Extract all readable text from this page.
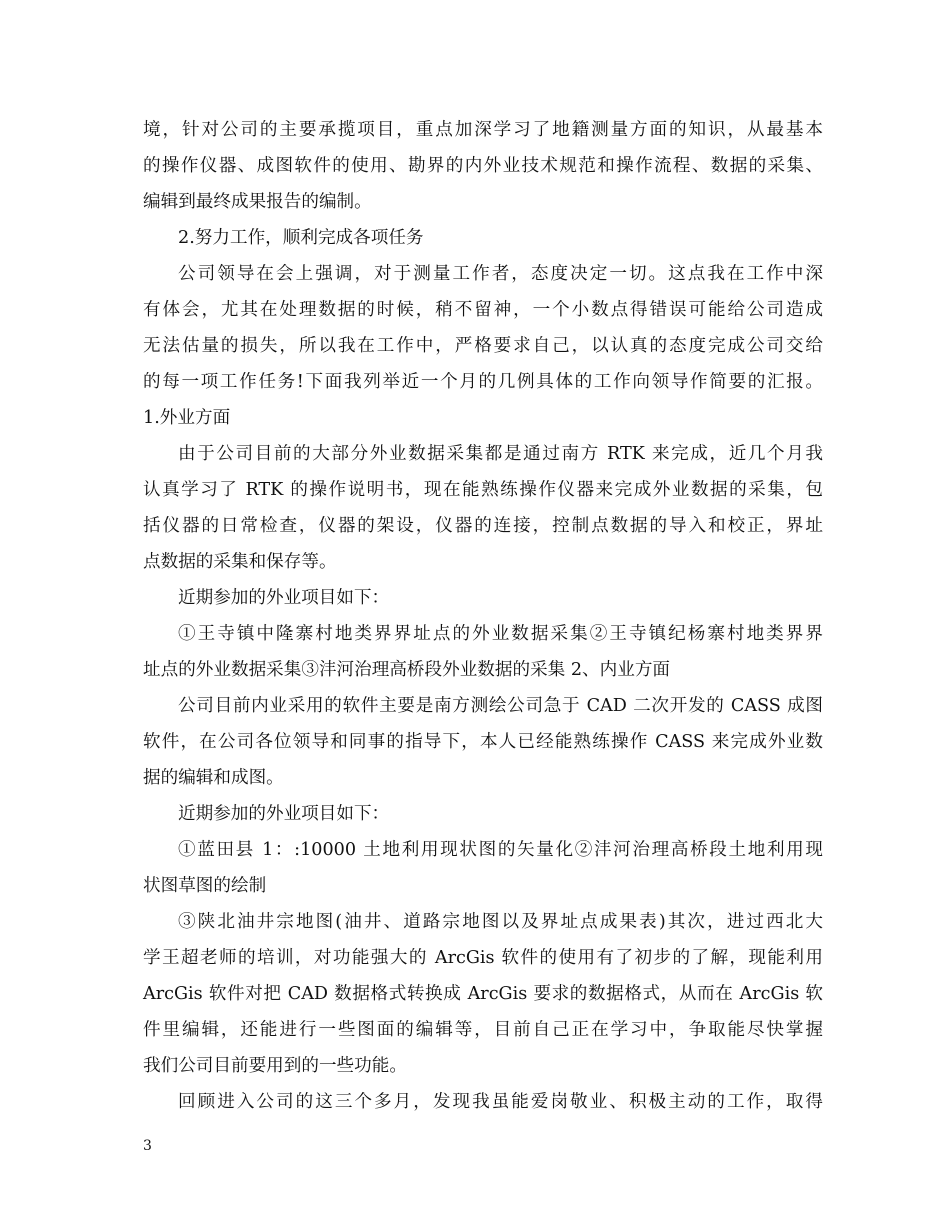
境，针对公司的主要承揽项目，重点加深学习了地籍测量方面的知识，从最基本
的操作仪器、成图软件的使用、勘界的内外业技术规范和操作流程、数据的采集、
编辑到最终成果报告的编制。
2.努力工作，顺利完成各项任务
公司领导在会上强调，对于测量工作者，态度决定一切。这点我在工作中深
有体会，尤其在处理数据的时候，稍不留神，一个小数点得错误可能给公司造成
无法估量的损失，所以我在工作中，严格要求自己，以认真的态度完成公司交给
的每一项工作任务!下面我列举近一个月的几例具体的工作向领导作简要的汇报。
1.外业方面
由于公司目前的大部分外业数据采集都是通过南方 RTK 来完成，近几个月我
认真学习了 RTK 的操作说明书，现在能熟练操作仪器来完成外业数据的采集，包
括仪器的日常检查，仪器的架设，仪器的连接，控制点数据的导入和校正，界址
点数据的采集和保存等。
近期参加的外业项目如下：
①王寺镇中隆寨村地类界界址点的外业数据采集②王寺镇纪杨寨村地类界界
址点的外业数据采集③沣河治理高桥段外业数据的采集 2、内业方面
公司目前内业采用的软件主要是南方测绘公司急于 CAD 二次开发的 CASS 成图
软件，在公司各位领导和同事的指导下，本人已经能熟练操作 CASS 来完成外业数
据的编辑和成图。
近期参加的外业项目如下：
①蓝田县 1：:10000 土地利用现状图的矢量化②沣河治理高桥段土地利用现
状图草图的绘制
③陕北油井宗地图(油井、道路宗地图以及界址点成果表)其次，进过西北大
学王超老师的培训，对功能强大的 ArcGis 软件的使用有了初步的了解，现能利用
ArcGis 软件对把 CAD 数据格式转换成 ArcGis 要求的数据格式，从而在 ArcGis 软
件里编辑，还能进行一些图面的编辑等，目前自己正在学习中，争取能尽快掌握
我们公司目前要用到的一些功能。
回顾进入公司的这三个多月，发现我虽能爱岗敬业、积极主动的工作，取得
3
